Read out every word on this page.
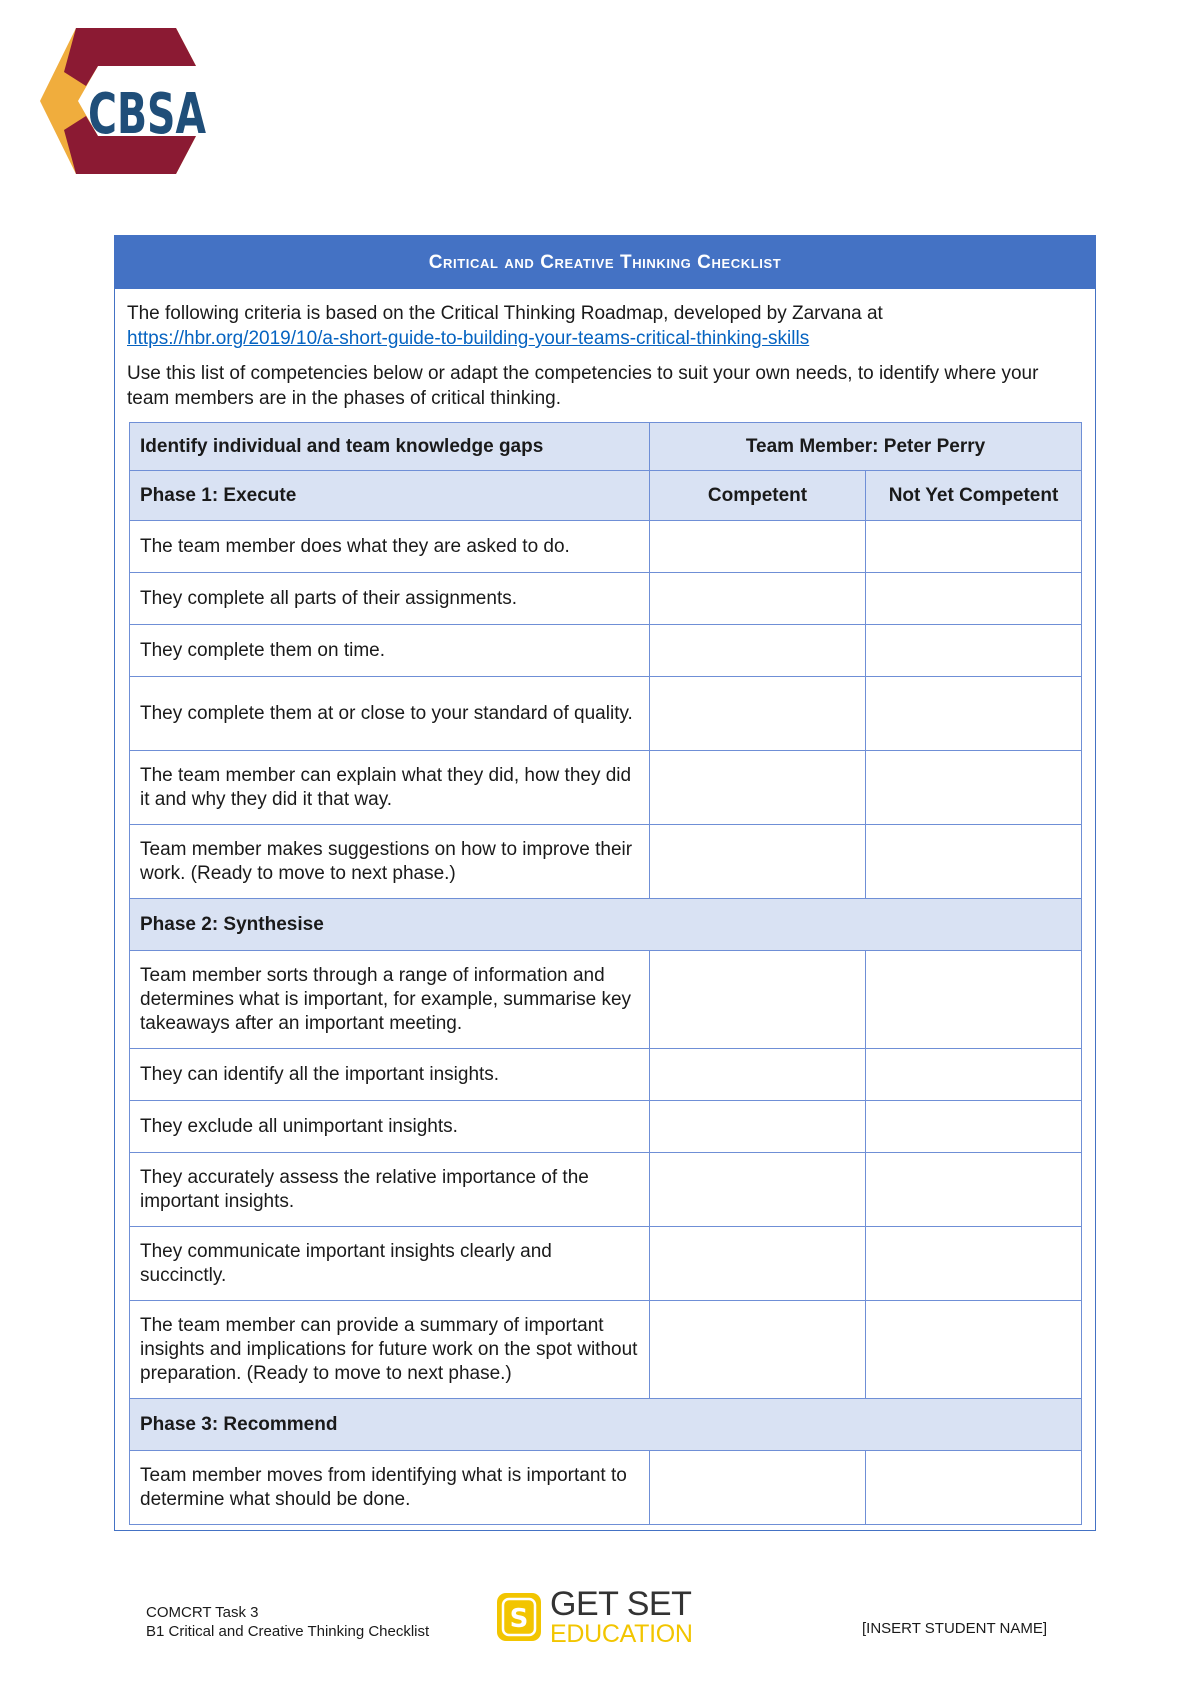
CBSA
Critical and Creative Thinking Checklist

The following criteria is based on the Critical Thinking Roadmap, developed by Zarvana at
https://hbr.org/2019/10/a-short-guide-to-building-your-teams-critical-thinking-skills

Use this list of competencies below or adapt the competencies to suit your own needs, to identify where your team members are in the phases of critical thinking.

Identify individual and team knowledge gaps	Team Member: Peter Perry	
Phase 1: Execute	Competent	Not Yet Competent
The team member does what they are asked to do.		
They complete all parts of their assignments.		
They complete them on time.		
They complete them at or close to your standard of quality.		
The team member can explain what they did, how they did it and why they did it that way.		
Team member makes suggestions on how to improve their work. (Ready to move to next phase.)		
Phase 2: Synthesise		
Team member sorts through a range of information and determines what is important, for example, summarise key takeaways after an important meeting.		
They can identify all the important insights.		
They exclude all unimportant insights.		
They accurately assess the relative importance of the important insights.		
They communicate important insights clearly and succinctly.		
The team member can provide a summary of important insights and implications for future work on the spot without preparation. (Ready to move to next phase.)		
Phase 3: Recommend		
Team member moves from identifying what is important to determine what should be done.		
COMCRT Task 3
B1 Critical and Creative Thinking Checklist	S GET SET
EDUCATION	[INSERT STUDENT NAME]
